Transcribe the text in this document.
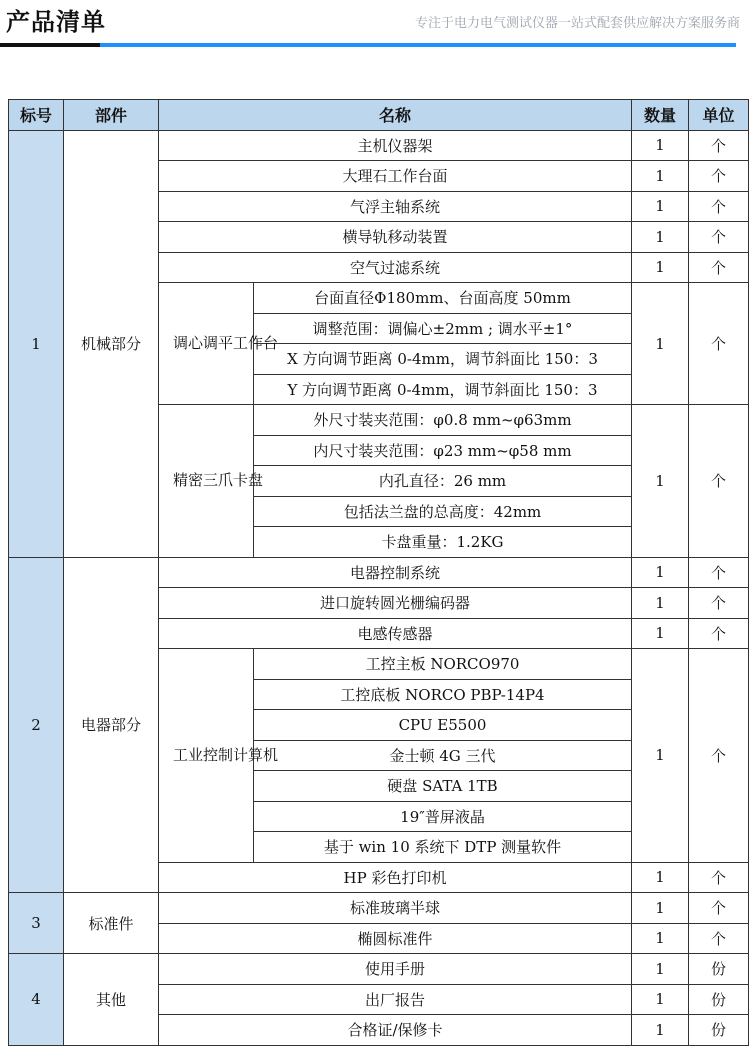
产品清单	专注于电力电气测试仪器一站式配套供应解决方案服务商
标号	部件	名称		数量	单位
1	机械部分	主机仪器架		1	个
		大理石工作台面		1	个
		气浮主轴系统		1	个
		横导轨移动装置		1	个
		空气过滤系统		1	个
		调心调平工作台	台面直径Φ180mm、台面高度 50mm	1	个
			调整范围：调偏心±2mm ; 调水平±1°		
			X 方向调节距离 0-4mm，调节斜面比 150：3		
			Y 方向调节距离 0-4mm，调节斜面比 150：3		
		精密三爪卡盘	外尺寸装夹范围：φ0.8 mm~φ63mm	1	个
			内尺寸装夹范围：φ23 mm~φ58 mm		
			内孔直径：26 mm		
			包括法兰盘的总高度：42mm		
			卡盘重量：1.2KG		
2	电器部分	电器控制系统		1	个
		进口旋转圆光栅编码器		1	个
		电感传感器		1	个
		工业控制计算机	工控主板 NORCO970	1	个
			工控底板 NORCO PBP-14P4		
			CPU E5500		
			金士顿 4G 三代		
			硬盘 SATA 1TB		
			19″普屏液晶		
			基于 win 10 系统下 DTP 测量软件		
		HP 彩色打印机		1	个
3	标准件	标准玻璃半球		1	个
		椭圆标准件		1	个
4	其他	使用手册		1	份
		出厂报告		1	份
		合格证/保修卡		1	份
